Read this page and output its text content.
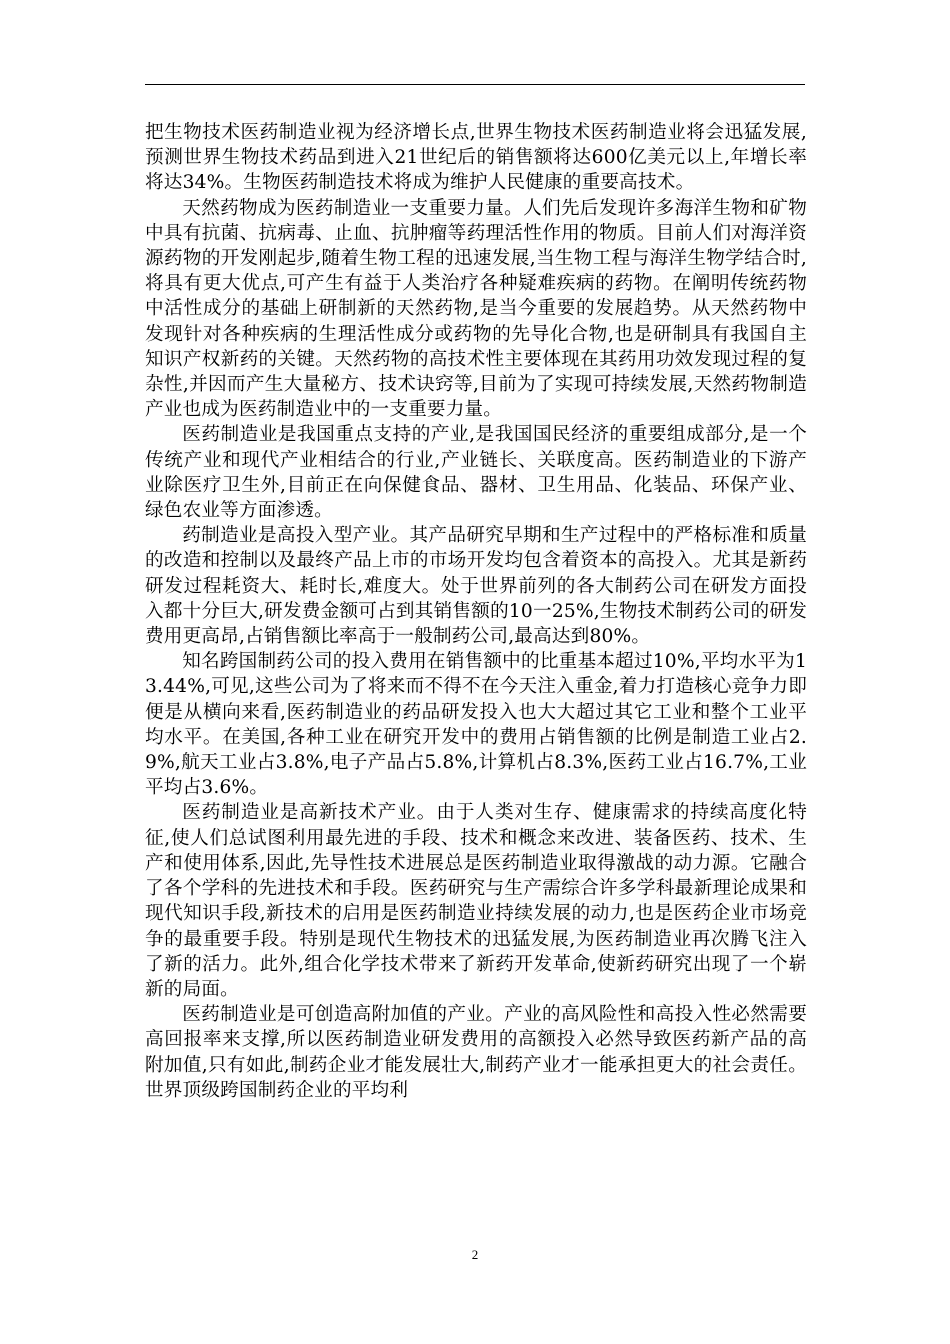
把生物技术医药制造业视为经济增长点,世界生物技术医药制造业将会迅猛发展,预测世界生物技术药品到进入21世纪后的销售额将达600亿美元以上,年增长率将达34%。生物医药制造技术将成为维护人民健康的重要高技术。

天然药物成为医药制造业一支重要力量。人们先后发现许多海洋生物和矿物中具有抗菌、抗病毒、止血、抗肿瘤等药理活性作用的物质。目前人们对海洋资源药物的开发刚起步,随着生物工程的迅速发展,当生物工程与海洋生物学结合时,将具有更大优点,可产生有益于人类治疗各种疑难疾病的药物。在阐明传统药物中活性成分的基础上研制新的天然药物,是当今重要的发展趋势。从天然药物中发现针对各种疾病的生理活性成分或药物的先导化合物,也是研制具有我国自主知识产权新药的关键。天然药物的高技术性主要体现在其药用功效发现过程的复杂性,并因而产生大量秘方、技术诀窍等,目前为了实现可持续发展,天然药物制造产业也成为医药制造业中的一支重要力量。

医药制造业是我国重点支持的产业,是我国国民经济的重要组成部分,是一个传统产业和现代产业相结合的行业,产业链长、关联度高。医药制造业的下游产业除医疗卫生外,目前正在向保健食品、器材、卫生用品、化装品、环保产业、绿色农业等方面渗透。

药制造业是高投入型产业。其产品研究早期和生产过程中的严格标准和质量的改造和控制以及最终产品上市的市场开发均包含着资本的高投入。尤其是新药研发过程耗资大、耗时长,难度大。处于世界前列的各大制药公司在研发方面投入都十分巨大,研发费金额可占到其销售额的10一25%,生物技术制药公司的研发费用更高昂,占销售额比率高于一般制药公司,最高达到80%。

知名跨国制药公司的投入费用在销售额中的比重基本超过10%,平均水平为13.44%,可见,这些公司为了将来而不得不在今天注入重金,着力打造核心竞争力即便是从横向来看,医药制造业的药品研发投入也大大超过其它工业和整个工业平均水平。在美国,各种工业在研究开发中的费用占销售额的比例是制造工业占2.9%,航天工业占3.8%,电子产品占5.8%,计算机占8.3%,医药工业占16.7%,工业平均占3.6%。

医药制造业是高新技术产业。由于人类对生存、健康需求的持续高度化特征,使人们总试图利用最先进的手段、技术和概念来改进、装备医药、技术、生产和使用体系,因此,先导性技术进展总是医药制造业取得激战的动力源。它融合了各个学科的先进技术和手段。医药研究与生产需综合许多学科最新理论成果和现代知识手段,新技术的启用是医药制造业持续发展的动力,也是医药企业市场竞争的最重要手段。特别是现代生物技术的迅猛发展,为医药制造业再次腾飞注入了新的活力。此外,组合化学技术带来了新药开发革命,使新药研究出现了一个崭新的局面。

医药制造业是可创造高附加值的产业。产业的高风险性和高投入性必然需要高回报率来支撑,所以医药制造业研发费用的高额投入必然导致医药新产品的高附加值,只有如此,制药企业才能发展壮大,制药产业才一能承担更大的社会责任。世界顶级跨国制药企业的平均利

2
